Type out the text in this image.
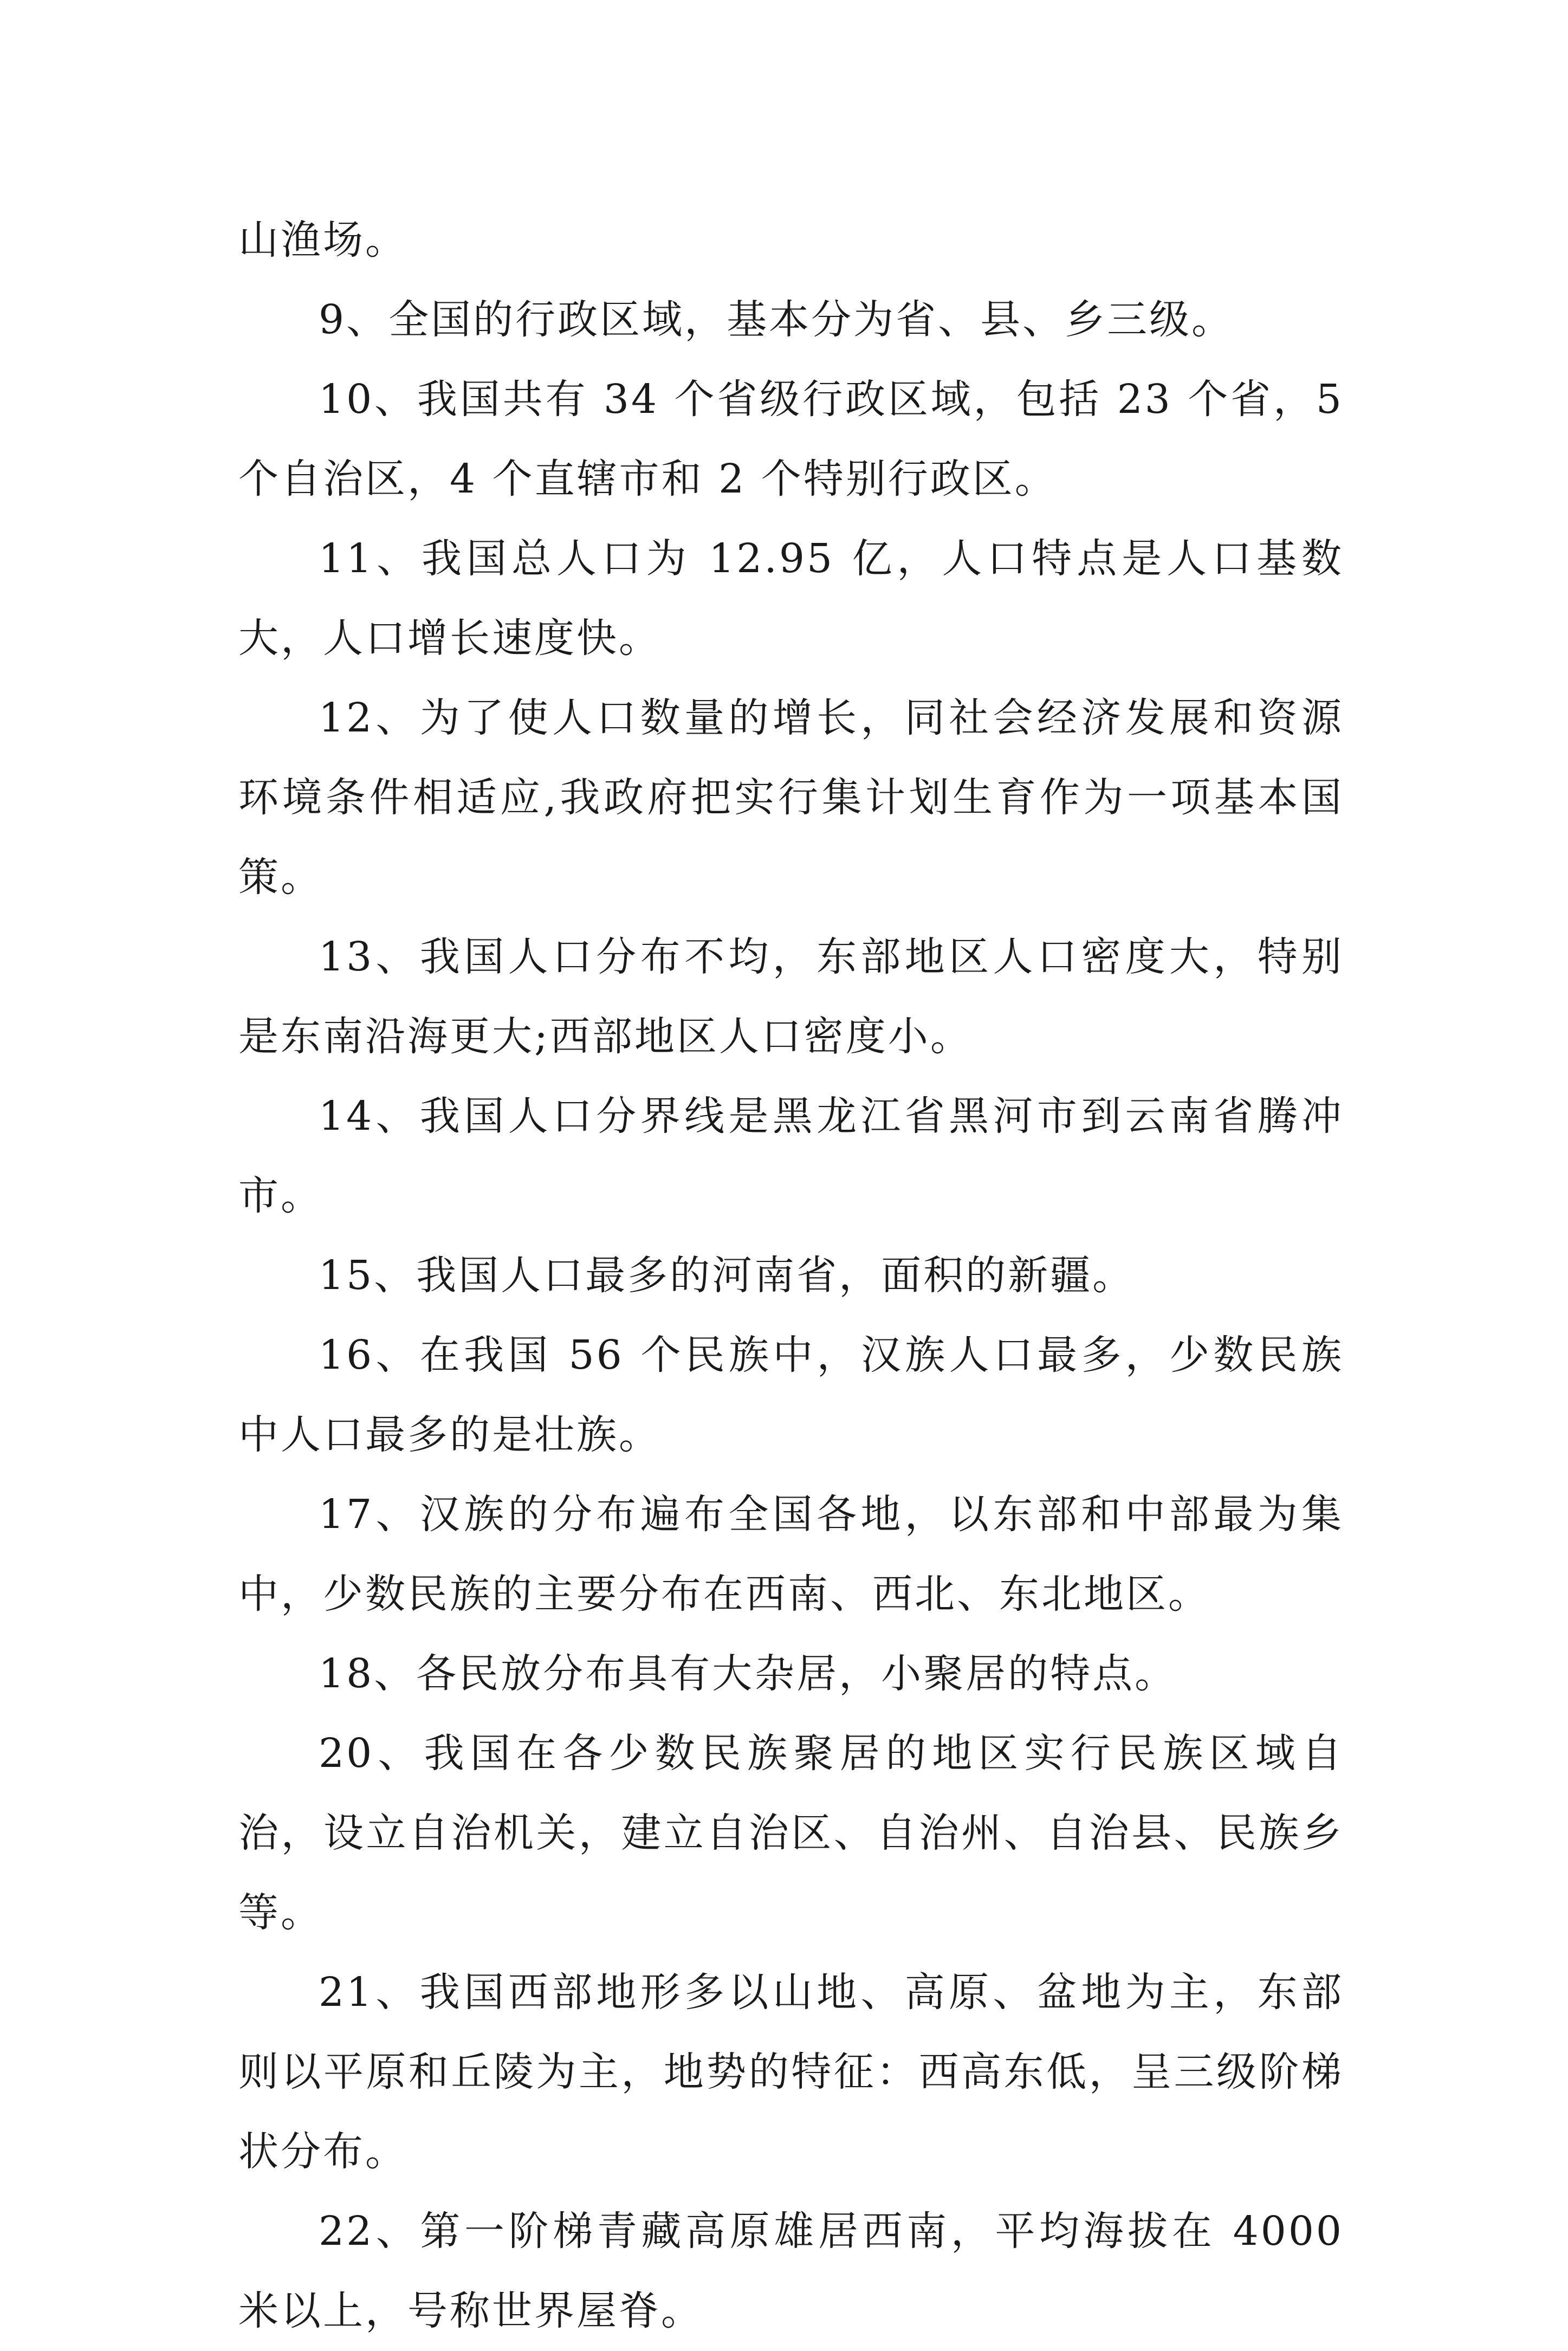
山渔场。

9、全国的行政区域，基本分为省、县、乡三级。

10、我国共有 34 个省级行政区域，包括 23 个省，5 个自治区，4 个直辖市和 2 个特别行政区。

11、我国总人口为 12.95 亿，人口特点是人口基数大，人口增长速度快。

12、为了使人口数量的增长，同社会经济发展和资源环境条件相适应,我政府把实行集计划生育作为一项基本国策。

13、我国人口分布不均，东部地区人口密度大，特别是东南沿海更大;西部地区人口密度小。

14、我国人口分界线是黑龙江省黑河市到云南省腾冲市。

15、我国人口最多的河南省，面积的新疆。

16、在我国 56 个民族中，汉族人口最多，少数民族中人口最多的是壮族。

17、汉族的分布遍布全国各地，以东部和中部最为集中，少数民族的主要分布在西南、西北、东北地区。

18、各民放分布具有大杂居，小聚居的特点。

20、我国在各少数民族聚居的地区实行民族区域自治，设立自治机关，建立自治区、自治州、自治县、民族乡等。

21、我国西部地形多以山地、高原、盆地为主，东部则以平原和丘陵为主，地势的特征：西高东低，呈三级阶梯状分布。

22、第一阶梯青藏高原雄居西南，平均海拔在 4000 米以上，号称世界屋脊。
